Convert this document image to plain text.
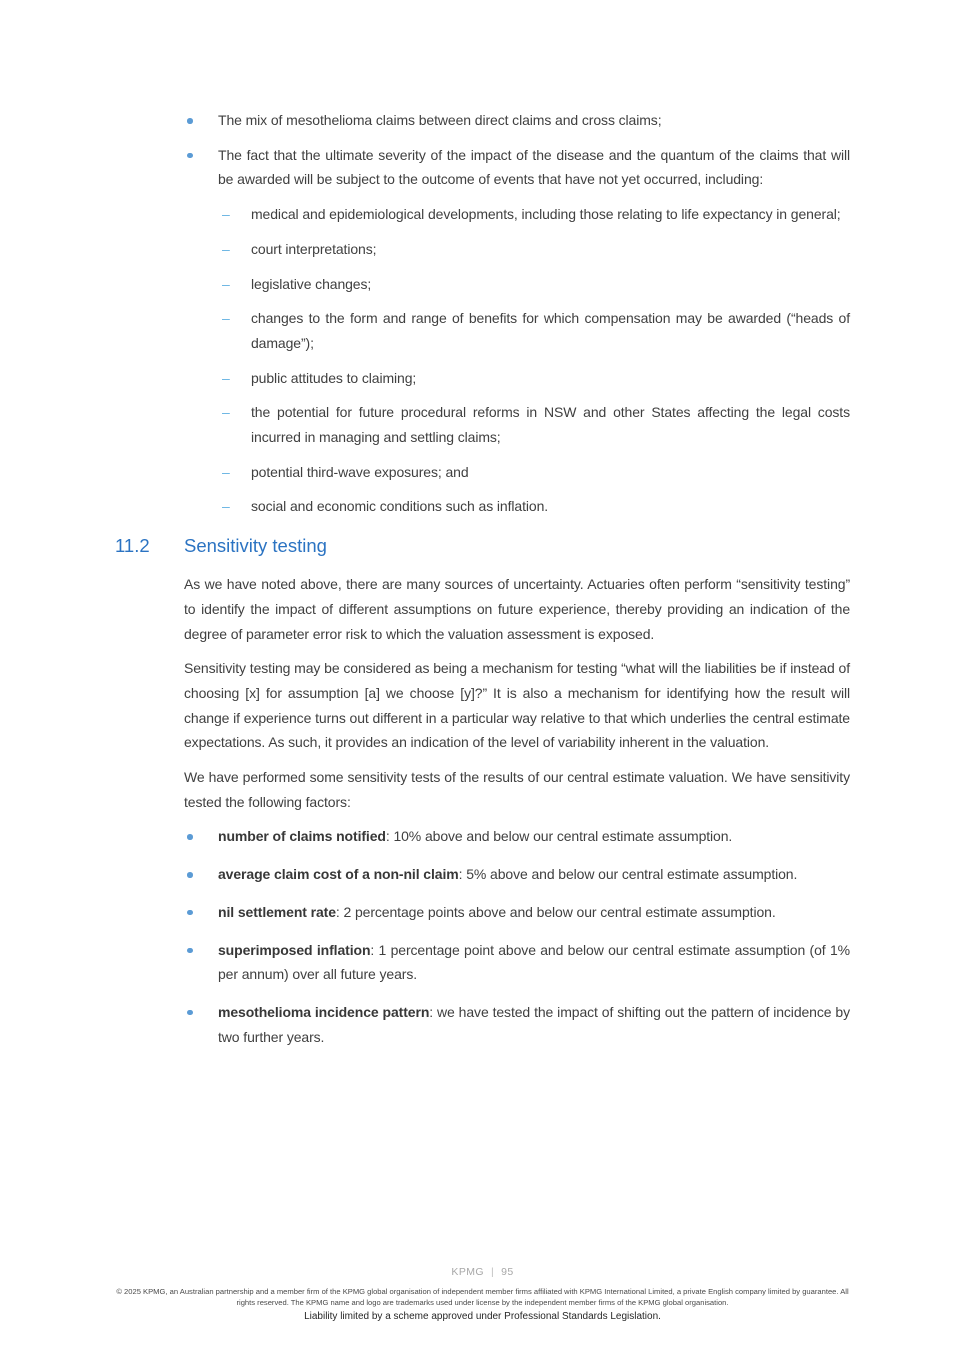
The mix of mesothelioma claims between direct claims and cross claims;
The fact that the ultimate severity of the impact of the disease and the quantum of the claims that will be awarded will be subject to the outcome of events that have not yet occurred, including:
–
medical and epidemiological developments, including those relating to life expectancy in general;
–
court interpretations;
–
legislative changes;
–
changes to the form and range of benefits for which compensation may be awarded (“heads of damage”);
–
public attitudes to claiming;
–
the potential for future procedural reforms in NSW and other States affecting the legal costs incurred in managing and settling claims;
–
potential third-wave exposures; and
–
social and economic conditions such as inflation.
11.2 Sensitivity testing

As we have noted above, there are many sources of uncertainty. Actuaries often perform “sensitivity testing” to identify the impact of different assumptions on future experience, thereby providing an indication of the degree of parameter error risk to which the valuation assessment is exposed.

Sensitivity testing may be considered as being a mechanism for testing “what will the liabilities be if instead of choosing [x] for assumption [a] we choose [y]?” It is also a mechanism for identifying how the result will change if experience turns out different in a particular way relative to that which underlies the central estimate expectations. As such, it provides an indication of the level of variability inherent in the valuation.

We have performed some sensitivity tests of the results of our central estimate valuation. We have sensitivity tested the following factors:

number of claims notified: 10% above and below our central estimate assumption.
average claim cost of a non-nil claim: 5% above and below our central estimate assumption.
nil settlement rate: 2 percentage points above and below our central estimate assumption.
superimposed inflation: 1 percentage point above and below our central estimate assumption (of 1% per annum) over all future years.
mesothelioma incidence pattern: we have tested the impact of shifting out the pattern of incidence by two further years.
KPMG | 95
© 2025 KPMG, an Australian partnership and a member firm of the KPMG global organisation of independent member firms affiliated with KPMG International Limited, a private English company limited by guarantee. All rights reserved. The KPMG name and logo are trademarks used under license by the independent member firms of the KPMG global organisation.
Liability limited by a scheme approved under Professional Standards Legislation.
